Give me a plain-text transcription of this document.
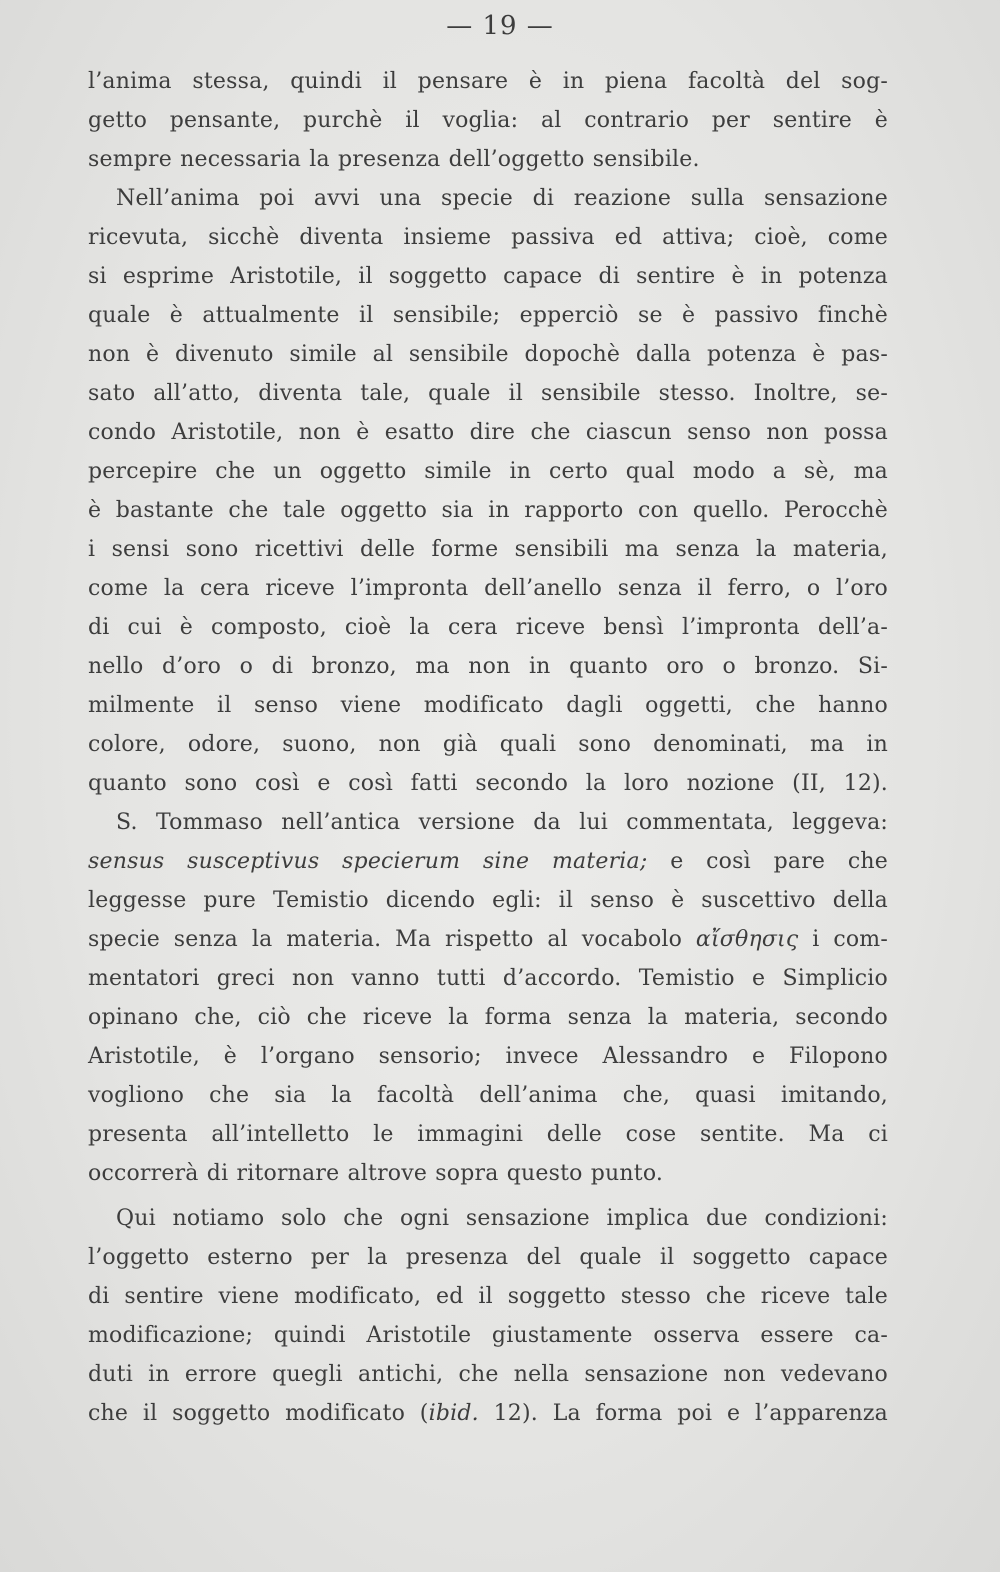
— 19 —
l’anima stessa, quindi il pensare è in piena facoltà del sog-
getto pensante, purchè il voglia: al contrario per sentire è
sempre necessaria la presenza dell’oggetto sensibile.
Nell’anima poi avvi una specie di reazione sulla sensazione
ricevuta, sicchè diventa insieme passiva ed attiva; cioè, come
si esprime Aristotile, il soggetto capace di sentire è in potenza
quale è attualmente il sensibile; epperciò se è passivo finchè
non è divenuto simile al sensibile dopochè dalla potenza è pas-
sato all’atto, diventa tale, quale il sensibile stesso. Inoltre, se-
condo Aristotile, non è esatto dire che ciascun senso non possa
percepire che un oggetto simile in certo qual modo a sè, ma
è bastante che tale oggetto sia in rapporto con quello. Perocchè
i sensi sono ricettivi delle forme sensibili ma senza la materia,
come la cera riceve l’impronta dell’anello senza il ferro, o l’oro
di cui è composto, cioè la cera riceve bensì l’impronta dell’a-
nello d’oro o di bronzo, ma non in quanto oro o bronzo. Si-
milmente il senso viene modificato dagli oggetti, che hanno
colore, odore, suono, non già quali sono denominati, ma in
quanto sono così e così fatti secondo la loro nozione (II, 12).
S. Tommaso nell’antica versione da lui commentata, leggeva:
sensus susceptivus specierum sine materia; e così pare che
leggesse pure Temistio dicendo egli: il senso è suscettivo della
specie senza la materia. Ma rispetto al vocabolo αἴσθησις i com-
mentatori greci non vanno tutti d’accordo. Temistio e Simplicio
opinano che, ciò che riceve la forma senza la materia, secondo
Aristotile, è l’organo sensorio; invece Alessandro e Filopono
vogliono che sia la facoltà dell’anima che, quasi imitando,
presenta all’intelletto le immagini delle cose sentite. Ma ci
occorrerà di ritornare altrove sopra questo punto.
Qui notiamo solo che ogni sensazione implica due condizioni:
l’oggetto esterno per la presenza del quale il soggetto capace
di sentire viene modificato, ed il soggetto stesso che riceve tale
modificazione; quindi Aristotile giustamente osserva essere ca-
duti in errore quegli antichi, che nella sensazione non vedevano
che il soggetto modificato (ibid. 12). La forma poi e l’apparenza
